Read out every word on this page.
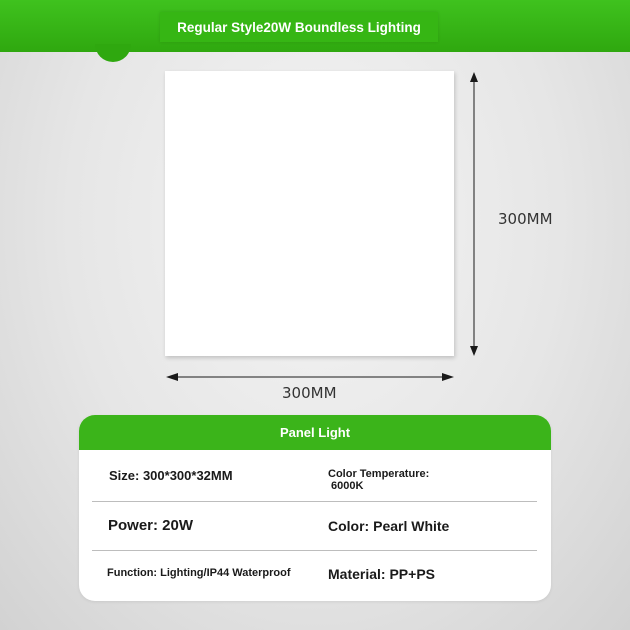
Regular Style20W Boundless Lighting
300MM
300MM
Panel Light
Size: 300*300*32MM	Color Temperature:
6000K
Power: 20W	Color: Pearl White
Function: Lighting/IP44 Waterproof	Material: PP+PS
